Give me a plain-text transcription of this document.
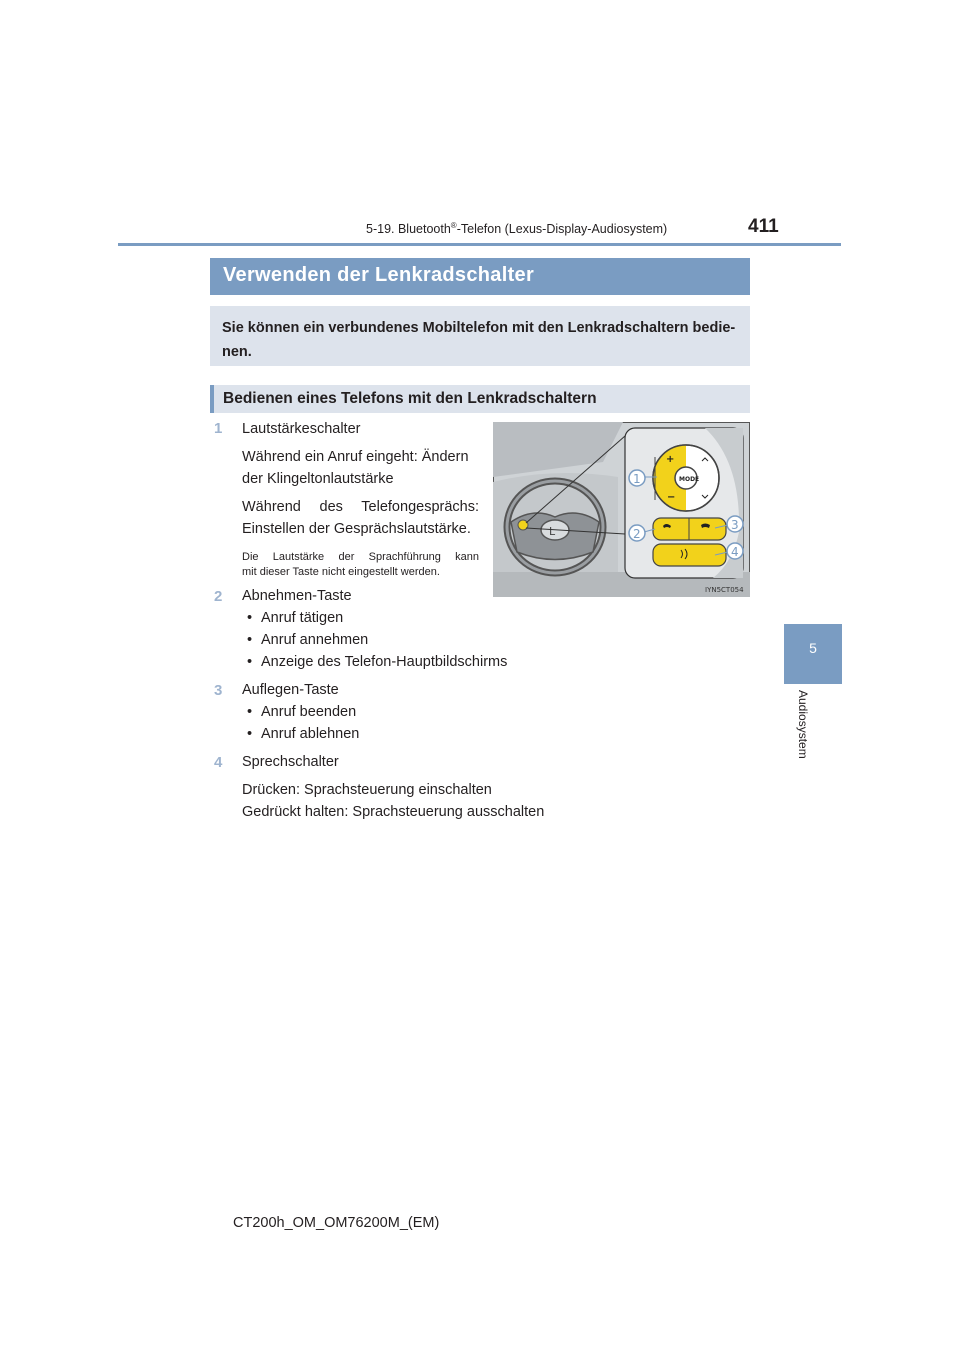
5-19. Bluetooth®-Telefon (Lexus-Display-Audiosystem)	411
5
Audiosystem
Verwenden der Lenkradschalter

Sie können ein verbundenes Mobiltelefon mit den Lenkradschaltern bedie-nen.

Bedienen eines Telefons mit den Lenkradschaltern
1 Lautstärkeschalter
Während ein Anruf eingeht: Ändern
der Klingeltonlautstärke
Während des Telefongesprächs:
Einstellen der Gesprächslautstärke.
Die Lautstärke der Sprachführung kann
mit dieser Taste nicht eingestellt werden.
2 Abnehmen-Taste
• Anruf tätigen
• Anruf annehmen
• Anzeige des Telefon-Hauptbildschirms
3 Auflegen-Taste
• Anruf beenden
• Anruf ablehnen
4 Sprechschalter
Drücken: Sprachsteuerung einschalten
Gedrückt halten: Sprachsteuerung ausschalten
L
MODE
+
−
1
2
3
4
IYN5CT054
CT200h_OM_OM76200M_(EM)
